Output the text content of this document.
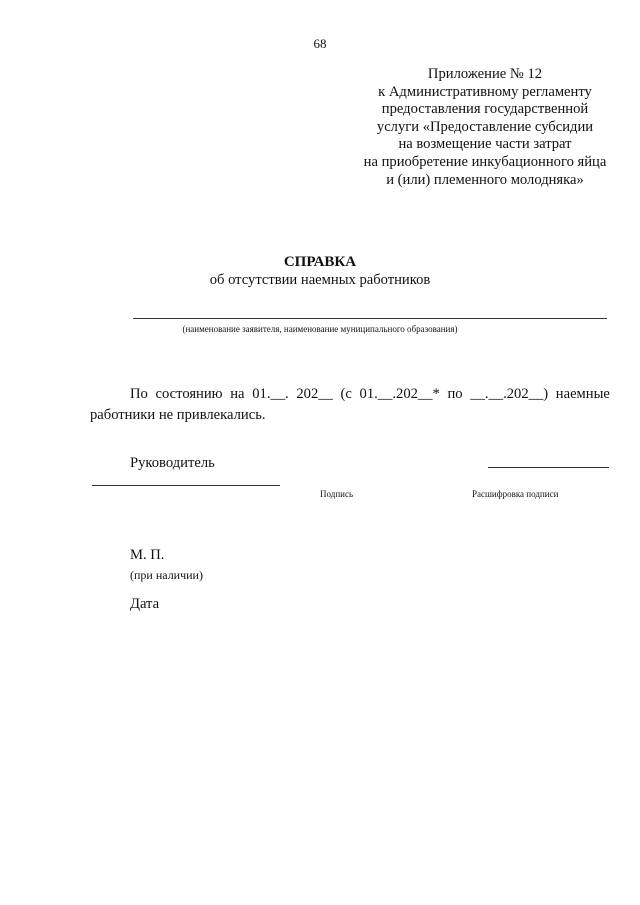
68
Приложение № 12
к Административному регламенту
предоставления государственной
услуги «Предоставление субсидии
на возмещение части затрат
на приобретение инкубационного яйца
и (или) племенного молодняка»
СПРАВКА
об отсутствии наемных работников
(наименование заявителя, наименование муниципального образования)
По состоянию на 01.__. 202__ (с 01.__.202__* по __.__.202__) наемные
работники не привлекались.
Руководитель
Подпись	Расшифровка подписи
М. П.
(при наличии)
Дата
